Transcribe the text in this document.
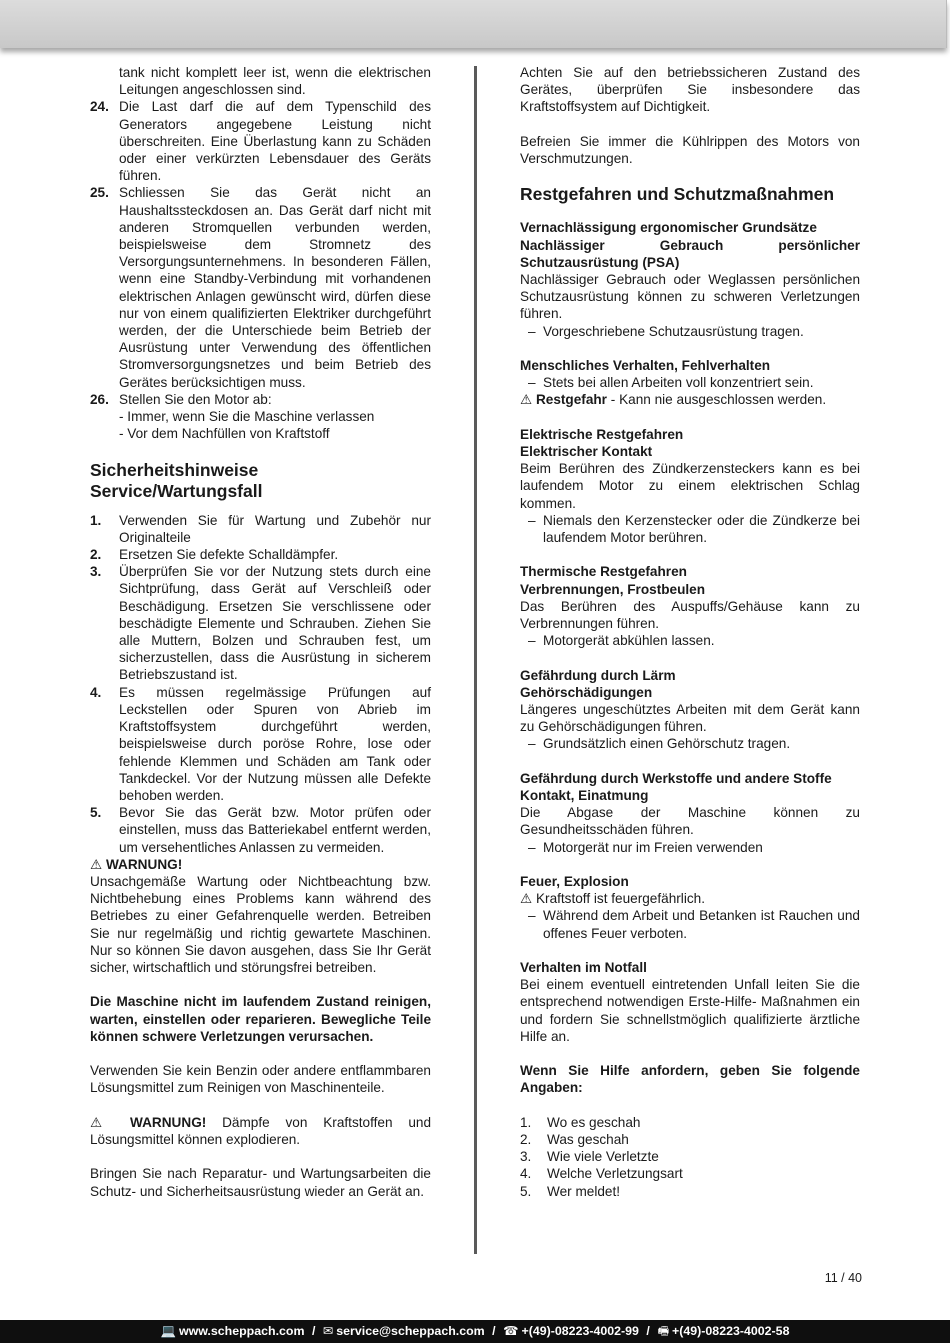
tank nicht komplett leer ist, wenn die elektrischen Leitungen angeschlossen sind.

24. Die Last darf die auf dem Typenschild des Generators angegebene Leistung nicht überschreiten. Eine Überlastung kann zu Schäden oder einer verkürzten Lebensdauer des Geräts führen.
25. Schliessen Sie das Gerät nicht an Haushaltssteckdosen an. Das Gerät darf nicht mit anderen Stromquellen verbunden werden, beispielsweise dem Stromnetz des Versorgungsunternehmens. In besonderen Fällen, wenn eine Standby-Verbindung mit vorhandenen elektrischen Anlagen gewünscht wird, dürfen diese nur von einem qualifizierten Elektriker durchgeführt werden, der die Unterschiede beim Betrieb der Ausrüstung unter Verwendung des öffentlichen Stromversorgungsnetzes und beim Betrieb des Gerätes berücksichtigen muss.
26. Stellen Sie den Motor ab:
- Immer, wenn Sie die Maschine verlassen
- Vor dem Nachfüllen von Kraftstoff
Sicherheitshinweise Service/Wartungsfall
1. Verwenden Sie für Wartung und Zubehör nur Originalteile
2. Ersetzen Sie defekte Schalldämpfer.
3. Überprüfen Sie vor der Nutzung stets durch eine Sichtprüfung, dass Gerät auf Verschleiß oder Beschädigung. Ersetzen Sie verschlissene oder beschädigte Elemente und Schrauben. Ziehen Sie alle Muttern, Bolzen und Schrauben fest, um sicherzustellen, dass die Ausrüstung in sicherem Betriebszustand ist.
4. Es müssen regelmässige Prüfungen auf Leckstellen oder Spuren von Abrieb im Kraftstoffsystem durchgeführt werden, beispielsweise durch poröse Rohre, lose oder fehlende Klemmen und Schäden am Tank oder Tankdeckel. Vor der Nutzung müssen alle Defekte behoben werden.
5. Bevor Sie das Gerät bzw. Motor prüfen oder einstellen, muss das Batteriekabel entfernt werden, um versehentliches Anlassen zu vermeiden.

⚠ WARNUNG!

Unsachgemäße Wartung oder Nichtbeachtung bzw. Nichtbehebung eines Problems kann während des Betriebes zu einer Gefahrenquelle werden. Betreiben Sie nur regelmäßig und richtig gewartete Maschinen. Nur so können Sie davon ausgehen, dass Sie Ihr Gerät sicher, wirtschaftlich und störungsfrei betreiben.

Die Maschine nicht im laufendem Zustand reinigen, warten, einstellen oder reparieren. Bewegliche Teile können schwere Verletzungen verursachen.

Verwenden Sie kein Benzin oder andere entflammbaren Lösungsmittel zum Reinigen von Maschinenteile.

⚠ WARNUNG! Dämpfe von Kraftstoffen und Lösungsmittel können explodieren.

Bringen Sie nach Reparatur- und Wartungsarbeiten die Schutz- und Sicherheitsausrüstung wieder an Gerät an.

Achten Sie auf den betriebssicheren Zustand des Gerätes, überprüfen Sie insbesondere das Kraftstoffsystem auf Dichtigkeit.

Befreien Sie immer die Kühlrippen des Motors von Verschmutzungen.

Restgefahren und Schutzmaßnahmen

Vernachlässigung ergonomischer Grundsätze

Nachlässiger Gebrauch persönlicher Schutzausrüstung (PSA)

Nachlässiger Gebrauch oder Weglassen persönlichen Schutzausrüstung können zu schweren Verletzungen führen.

– Vorgeschriebene Schutzausrüstung tragen.

Menschliches Verhalten, Fehlverhalten

– Stets bei allen Arbeiten voll konzentriert sein.

⚠ Restgefahr - Kann nie ausgeschlossen werden.

Elektrische Restgefahren

Elektrischer Kontakt

Beim Berühren des Zündkerzensteckers kann es bei laufendem Motor zu einem elektrischen Schlag kommen.

– Niemals den Kerzenstecker oder die Zündkerze bei laufendem Motor berühren.

Thermische Restgefahren

Verbrennungen, Frostbeulen

Das Berühren des Auspuffs/Gehäuse kann zu Verbrennungen führen.

– Motorgerät abkühlen lassen.

Gefährdung durch Lärm

Gehörschädigungen

Längeres ungeschütztes Arbeiten mit dem Gerät kann zu Gehörschädigungen führen.

– Grundsätzlich einen Gehörschutz tragen.

Gefährdung durch Werkstoffe und andere Stoffe

Kontakt, Einatmung

Die Abgase der Maschine können zu Gesundheitsschäden führen.

– Motorgerät nur im Freien verwenden

Feuer, Explosion

⚠ Kraftstoff ist feuergefährlich.

– Während dem Arbeit und Betanken ist Rauchen und offenes Feuer verboten.

Verhalten im Notfall

Bei einem eventuell eintretenden Unfall leiten Sie die entsprechend notwendigen Erste-Hilfe- Maßnahmen ein und fordern Sie schnellstmöglich qualifizierte ärztliche Hilfe an.

Wenn Sie Hilfe anfordern, geben Sie folgende Angaben:

1. Wo es geschah
2. Was geschah
3. Wie viele Verletzte
4. Welche Verletzungsart
5. Wer meldet!
11 / 40
💻 www.scheppach.com / ✉ service@scheppach.com / ☎ +(49)-08223-4002-99 / 🖷 +(49)-08223-4002-58
